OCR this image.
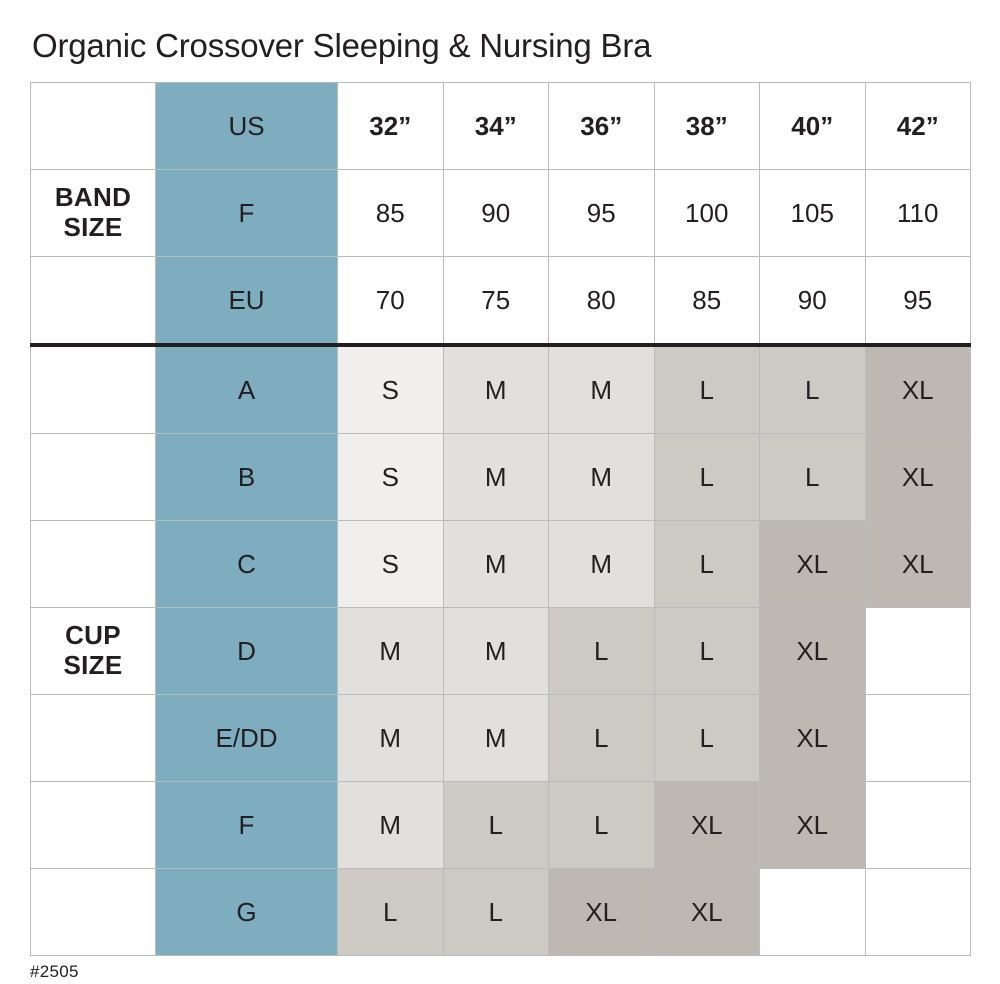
Organic Crossover Sleeping & Nursing Bra
	US	32”	34”	36”	38”	40”	42”

BAND
SIZE	F	85	90	95	100	105	110
	EU	70	75	80	85	90	95
	A	S	M	M	L	L	XL
	B	S	M	M	L	L	XL
	C	S	M	M	L	XL	XL

CUP
SIZE	D	M	M	L	L	XL	
	E/DD	M	M	L	L	XL	
	F	M	L	L	XL	XL	
	G	L	L	XL	XL		
#2505
